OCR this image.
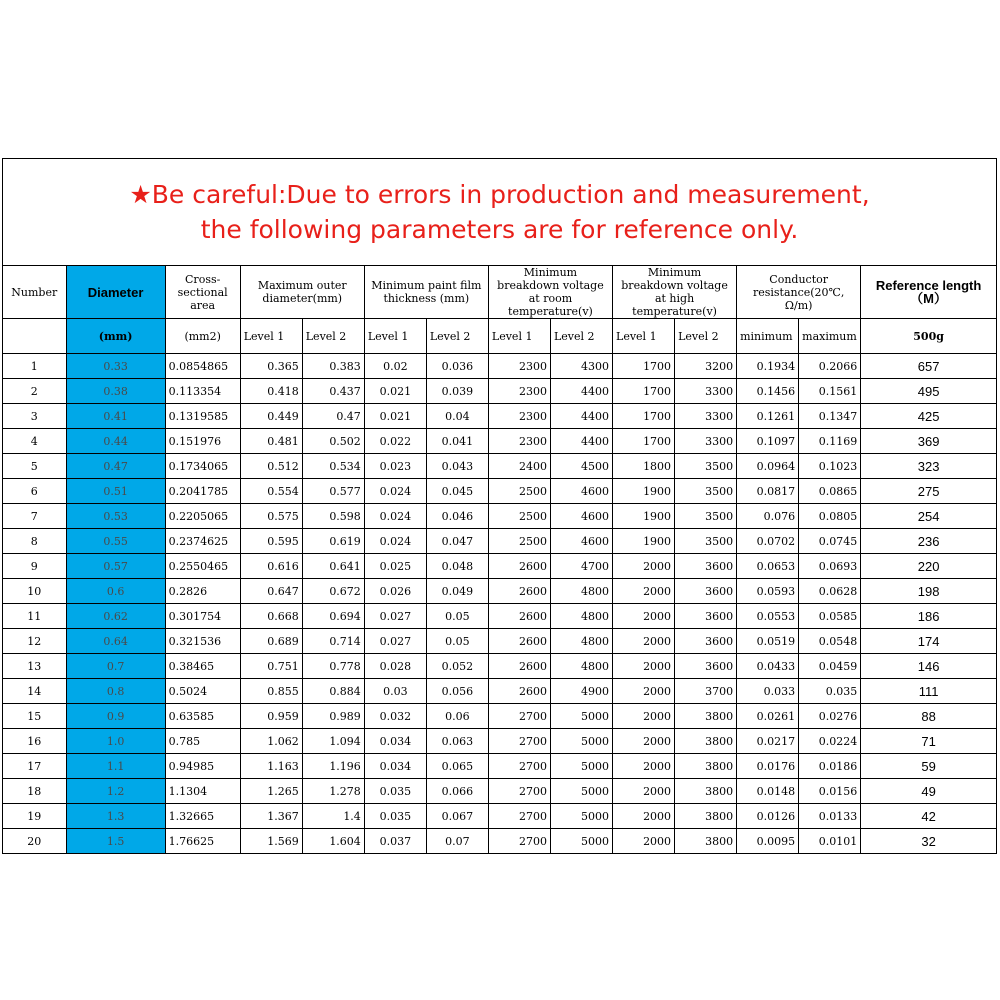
★Be careful:Due to errors in production and measurement,
the following parameters are for reference only.
Number	Diameter	Cross-sectional area	Maximum outer diameter(mm)		Minimum paint film thickness (mm)		Minimum breakdown voltage at room temperature(v)		Minimum breakdown voltage at high temperature(v)		Conductor resistance(20℃, Ω/m)		Reference length（M）
	(mm)	(mm2)	Level 1	Level 2	Level 1	Level 2	Level 1	Level 2	Level 1	Level 2	minimum	maximum	500g
1	0.33	0.0854865	0.365	0.383	0.02	0.036	2300	4300	1700	3200	0.1934	0.2066	657
2	0.38	0.113354	0.418	0.437	0.021	0.039	2300	4400	1700	3300	0.1456	0.1561	495
3	0.41	0.1319585	0.449	0.47	0.021	0.04	2300	4400	1700	3300	0.1261	0.1347	425
4	0.44	0.151976	0.481	0.502	0.022	0.041	2300	4400	1700	3300	0.1097	0.1169	369
5	0.47	0.1734065	0.512	0.534	0.023	0.043	2400	4500	1800	3500	0.0964	0.1023	323
6	0.51	0.2041785	0.554	0.577	0.024	0.045	2500	4600	1900	3500	0.0817	0.0865	275
7	0.53	0.2205065	0.575	0.598	0.024	0.046	2500	4600	1900	3500	0.076	0.0805	254
8	0.55	0.2374625	0.595	0.619	0.024	0.047	2500	4600	1900	3500	0.0702	0.0745	236
9	0.57	0.2550465	0.616	0.641	0.025	0.048	2600	4700	2000	3600	0.0653	0.0693	220
10	0.6	0.2826	0.647	0.672	0.026	0.049	2600	4800	2000	3600	0.0593	0.0628	198
11	0.62	0.301754	0.668	0.694	0.027	0.05	2600	4800	2000	3600	0.0553	0.0585	186
12	0.64	0.321536	0.689	0.714	0.027	0.05	2600	4800	2000	3600	0.0519	0.0548	174
13	0.7	0.38465	0.751	0.778	0.028	0.052	2600	4800	2000	3600	0.0433	0.0459	146
14	0.8	0.5024	0.855	0.884	0.03	0.056	2600	4900	2000	3700	0.033	0.035	111
15	0.9	0.63585	0.959	0.989	0.032	0.06	2700	5000	2000	3800	0.0261	0.0276	88
16	1.0	0.785	1.062	1.094	0.034	0.063	2700	5000	2000	3800	0.0217	0.0224	71
17	1.1	0.94985	1.163	1.196	0.034	0.065	2700	5000	2000	3800	0.0176	0.0186	59
18	1.2	1.1304	1.265	1.278	0.035	0.066	2700	5000	2000	3800	0.0148	0.0156	49
19	1.3	1.32665	1.367	1.4	0.035	0.067	2700	5000	2000	3800	0.0126	0.0133	42
20	1.5	1.76625	1.569	1.604	0.037	0.07	2700	5000	2000	3800	0.0095	0.0101	32
